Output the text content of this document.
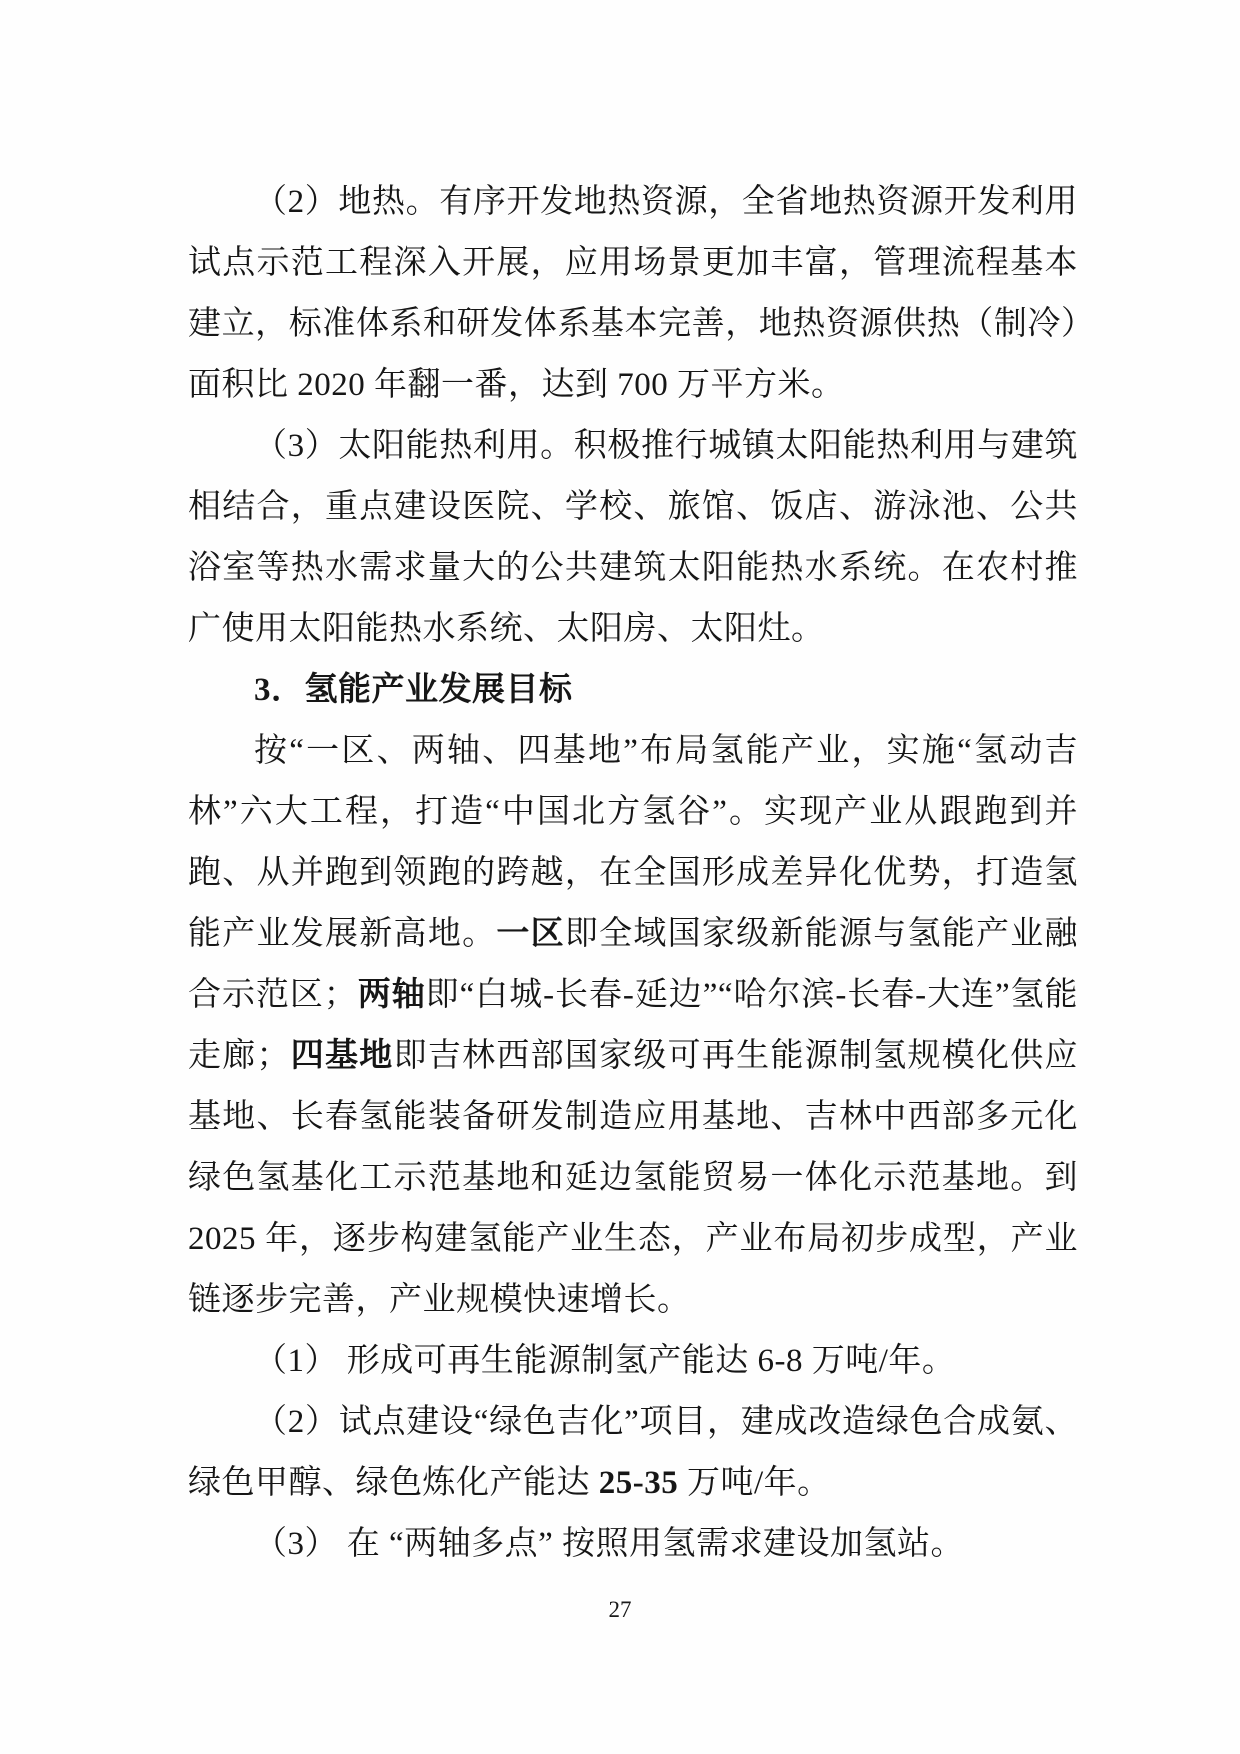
（2）地热。有序开发地热资源，全省地热资源开发利用试点示范工程深入开展，应用场景更加丰富，管理流程基本建立，标准体系和研发体系基本完善，地热资源供热（制冷）面积比 2020 年翻一番，达到 700 万平方米。

（3）太阳能热利用。积极推行城镇太阳能热利用与建筑相结合，重点建设医院、学校、旅馆、饭店、游泳池、公共浴室等热水需求量大的公共建筑太阳能热水系统。在农村推广使用太阳能热水系统、太阳房、太阳灶。

3．氢能产业发展目标

按“一区、两轴、四基地”布局氢能产业，实施“氢动吉林”六大工程，打造“中国北方氢谷”。实现产业从跟跑到并跑、从并跑到领跑的跨越，在全国形成差异化优势，打造氢能产业发展新高地。一区即全域国家级新能源与氢能产业融合示范区；两轴即“白城-长春-延边”“哈尔滨-长春-大连”氢能走廊；四基地即吉林西部国家级可再生能源制氢规模化供应基地、长春氢能装备研发制造应用基地、吉林中西部多元化绿色氢基化工示范基地和延边氢能贸易一体化示范基地。到 2025 年，逐步构建氢能产业生态，产业布局初步成型，产业链逐步完善，产业规模快速增长。

（1） 形成可再生能源制氢产能达 6-8 万吨/年。

（2）试点建设“绿色吉化”项目，建成改造绿色合成氨、绿色甲醇、绿色炼化产能达 25-35 万吨/年。

（3） 在 “两轴多点” 按照用氢需求建设加氢站。

27
